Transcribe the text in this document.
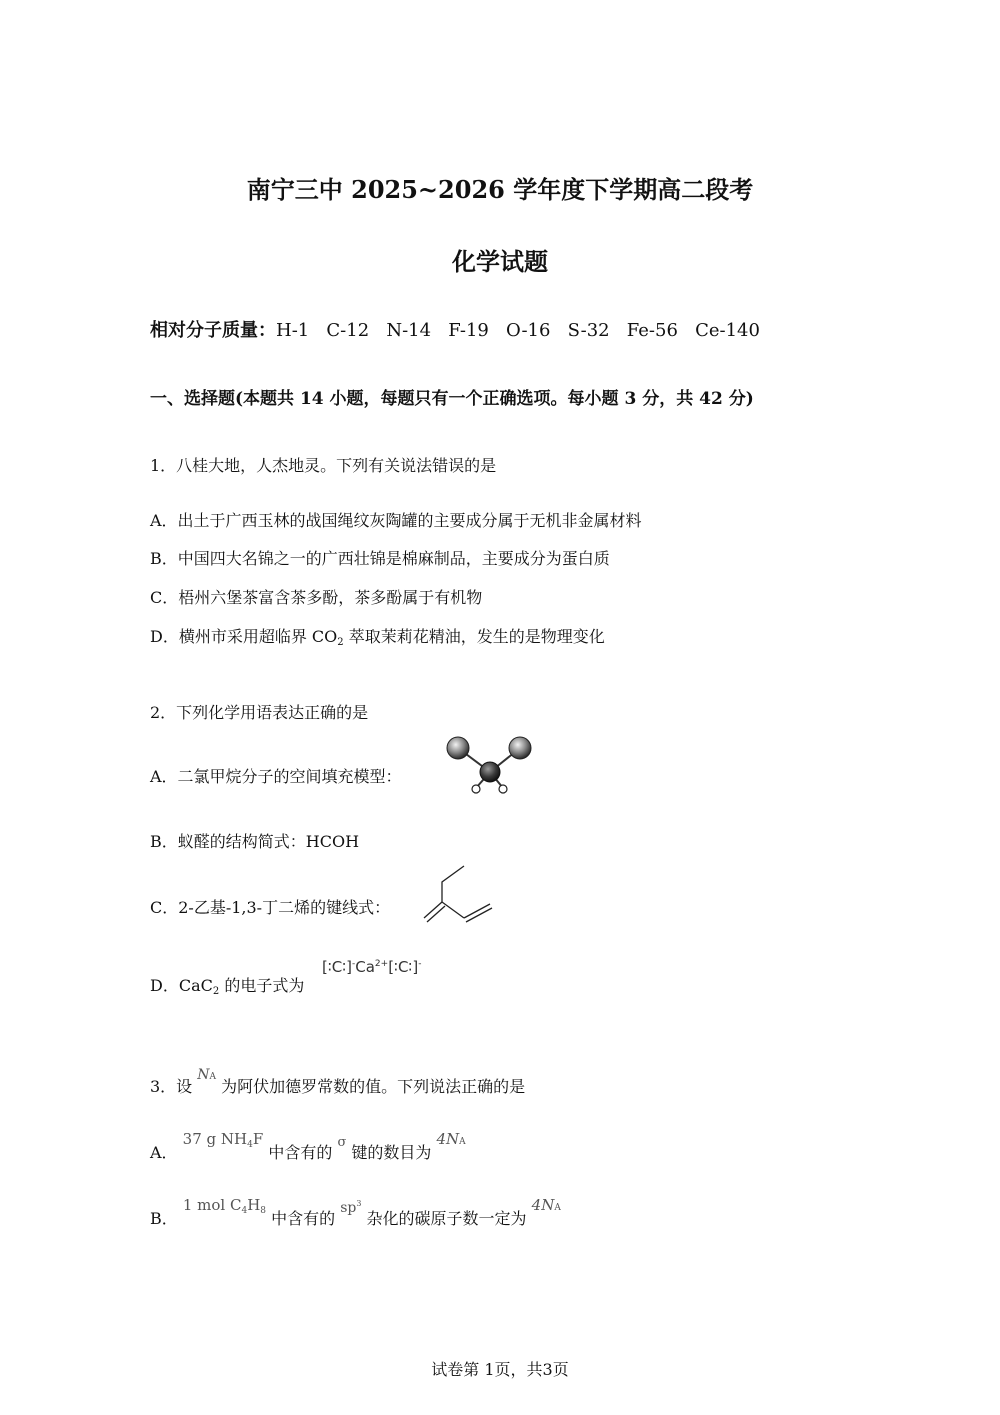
南宁三中 2025~2026 学年度下学期高二段考
化学试题
相对分子质量：H-1   C-12   N-14   F-19   O-16   S-32   Fe-56   Ce-140
一、选择题(本题共 14 小题，每题只有一个正确选项。每小题 3 分，共 42 分)
1．八桂大地，人杰地灵。下列有关说法错误的是
A．出土于广西玉林的战国绳纹灰陶罐的主要成分属于无机非金属材料
B．中国四大名锦之一的广西壮锦是棉麻制品，主要成分为蛋白质
C．梧州六堡茶富含茶多酚，茶多酚属于有机物
D．横州市采用超临界 $CO_2$ 萃取茉莉花精油，发生的是物理变化
2．下列化学用语表达正确的是
A．二氯甲烷分子的空间填充模型：
B．蚁醛的结构简式：HCOH
C．2-乙基-1,3-丁二烯的键线式：
D．CaC$_2$ 的电子式为
$[∶C∶]^-Ca^{2+}[∶C∶]^-$
3．设 NA 为阿伏加德罗常数的值。下列说法正确的是
A． 37 g $NH_4F$ 中含有的 $^\sigma$ 键的数目为 4NA
B． 1 mol $C_4H_8$ 中含有的 $sp^3$ 杂化的碳原子数一定为 4NA
试卷第 1页，共3页
